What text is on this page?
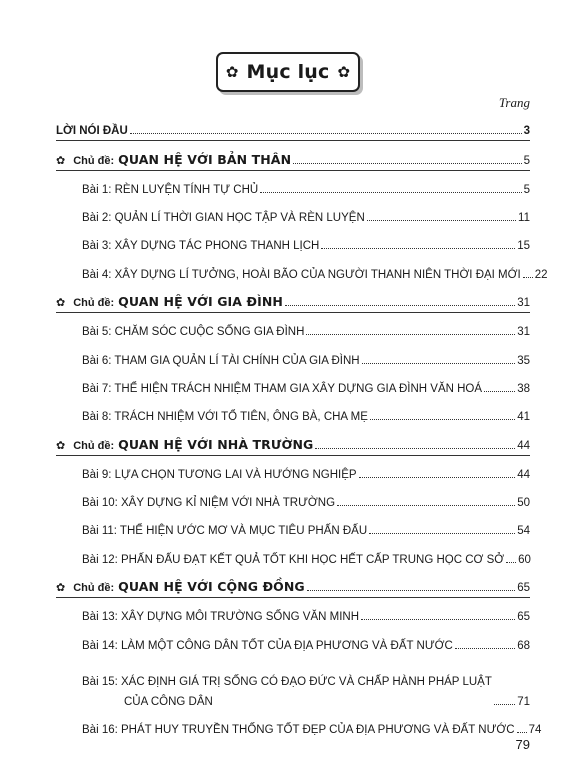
✿ Mục lục ✿
Trang
LỜI NÓI ĐẦU	3
✿ Chủ đề: QUAN HỆ VỚI BẢN THÂN	5
Bài 1: RÈN LUYỆN TÍNH TỰ CHỦ	5
Bài 2: QUẢN LÍ THỜI GIAN HỌC TẬP VÀ RÈN LUYỆN	11
Bài 3: XÂY DỰNG TÁC PHONG THANH LỊCH	15
Bài 4: XÂY DỰNG LÍ TƯỞNG, HOÀI BÃO CỦA NGƯỜI THANH NIÊN THỜI ĐẠI MỚI 22
✿ Chủ đề: QUAN HỆ VỚI GIA ĐÌNH	31
Bài 5: CHĂM SÓC CUỘC SỐNG GIA ĐÌNH	31
Bài 6: THAM GIA QUẢN LÍ TÀI CHÍNH CỦA GIA ĐÌNH	35
Bài 7: THỂ HIỆN TRÁCH NHIỆM THAM GIA XÂY DỰNG GIA ĐÌNH VĂN HOÁ	38
Bài 8: TRÁCH NHIỆM VỚI TỔ TIÊN, ÔNG BÀ, CHA MẸ	41
✿ Chủ đề: QUAN HỆ VỚI NHÀ TRƯỜNG	44
Bài 9: LỰA CHỌN TƯƠNG LAI VÀ HƯỚNG NGHIỆP	44
Bài 10: XÂY DỰNG KỈ NIỆM VỚI NHÀ TRƯỜNG	50
Bài 11: THỂ HIỆN ƯỚC MƠ VÀ MỤC TIÊU PHẤN ĐẤU	54
Bài 12: PHẤN ĐẤU ĐẠT KẾT QUẢ TỐT KHI HỌC HẾT CẤP TRUNG HỌC CƠ SỞ 60
✿ Chủ đề: QUAN HỆ VỚI CỘNG ĐỒNG	65
Bài 13: XÂY DỰNG MÔI TRƯỜNG SỐNG VĂN MINH	65
Bài 14: LÀM MỘT CÔNG DÂN TỐT CỦA ĐỊA PHƯƠNG VÀ ĐẤT NƯỚC	68
Bài 15: XÁC ĐỊNH GIÁ TRỊ SỐNG CÓ ĐẠO ĐỨC VÀ CHẤP HÀNH PHÁP LUẬT
CỦA CÔNG DÂN	71
Bài 16: PHÁT HUY TRUYỀN THỐNG TỐT ĐẸP CỦA ĐỊA PHƯƠNG VÀ ĐẤT NƯỚC 74
79
